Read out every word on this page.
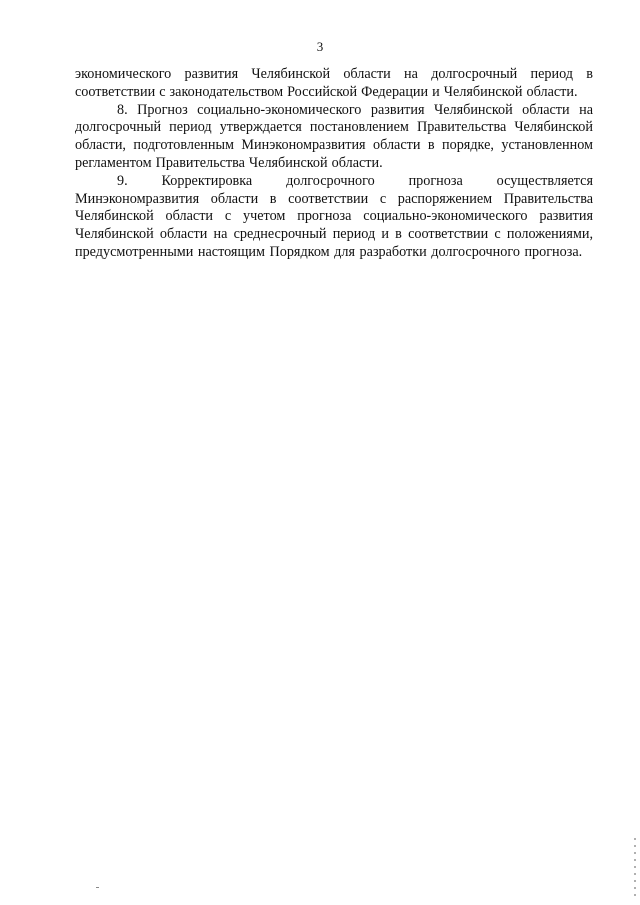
3

экономического развития Челябинской области на долгосрочный период в соответствии с законодательством Российской Федерации и Челябинской области.

8. Прогноз социально-экономического развития Челябинской области на долгосрочный период утверждается постановлением Правительства Челябинской области, подготовленным Минэкономразвития области в порядке, установленном регламентом Правительства Челябинской области.

9. Корректировка долгосрочного прогноза осуществляется Минэкономразвития области в соответствии с распоряжением Правительства Челябинской области с учетом прогноза социально-экономического развития Челябинской области на среднесрочный период и в соответствии с положениями, предусмотренными настоящим Порядком для разработки долгосрочного прогноза.
